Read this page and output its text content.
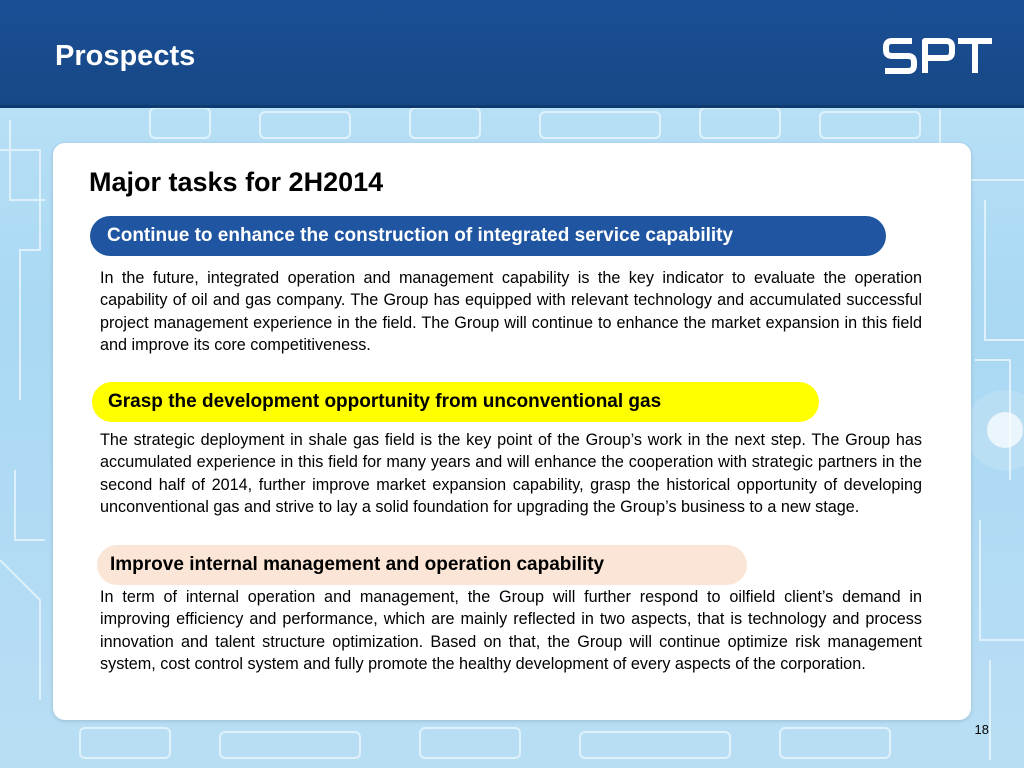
Prospects
Major tasks for 2H2014
Continue to enhance the construction of integrated service capability
In the future, integrated operation and management capability is the key indicator to evaluate the operation capability of oil and gas company. The Group has equipped with relevant technology and accumulated successful project management experience in the field. The Group will continue to enhance the market expansion in this field and improve its core competitiveness.
Grasp the development opportunity from unconventional gas
The strategic deployment in shale gas field is the key point of the Group’s work in the next step. The Group has accumulated experience in this field for many years and will enhance the cooperation with strategic partners in the second half of 2014, further improve market expansion capability, grasp the historical opportunity of developing unconventional gas and strive to lay a solid foundation for upgrading the Group’s business to a new stage.
Improve internal management and operation capability
In term of internal operation and management, the Group will further respond to oilfield client’s demand in improving efficiency and performance, which are mainly reflected in two aspects, that is technology and process innovation and talent structure optimization. Based on that, the Group will continue optimize risk management system, cost control system and fully promote the healthy development of every aspects of the corporation.
18
